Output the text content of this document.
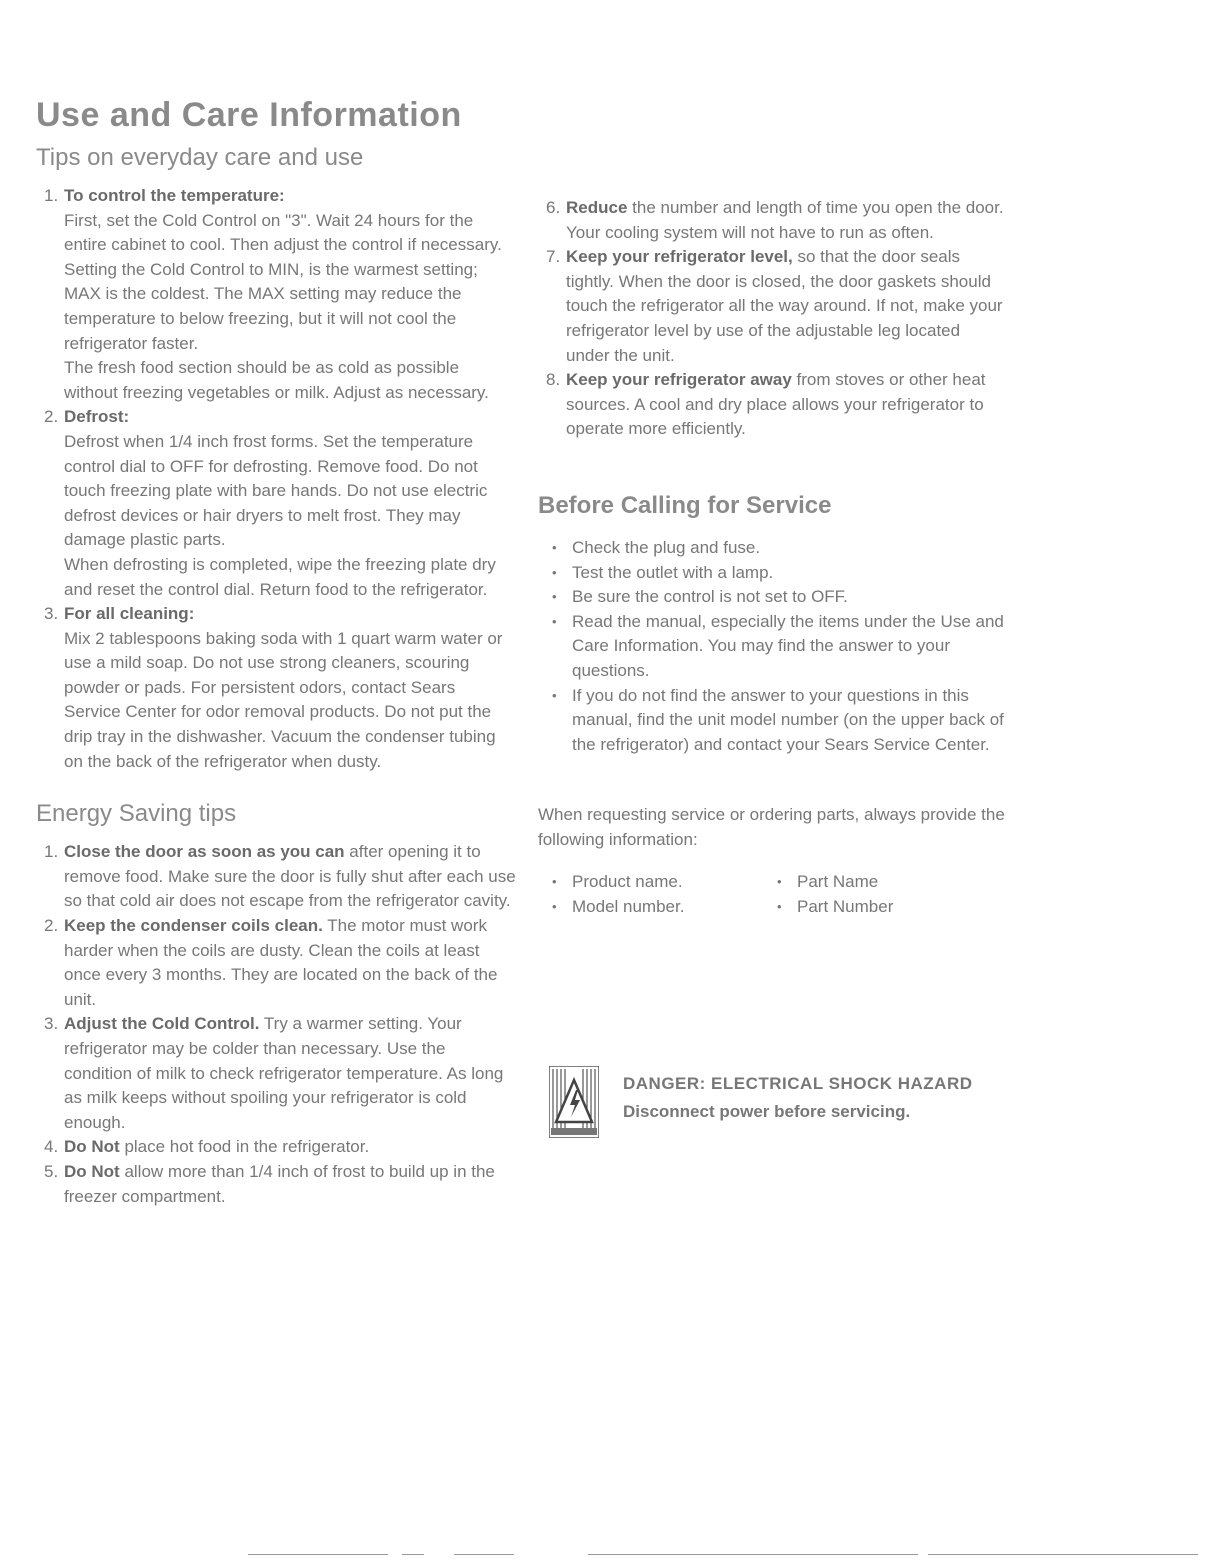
Use and Care Information
Tips on everyday care and use
1. To control the temperature:
First, set the Cold Control on "3". Wait 24 hours for the entire cabinet to cool. Then adjust the control if necessary. Setting the Cold Control to MIN, is the warmest setting; MAX is the coldest. The MAX setting may reduce the temperature to below freezing, but it will not cool the refrigerator faster.
The fresh food section should be as cold as possible without freezing vegetables or milk. Adjust as necessary.
2. Defrost:
Defrost when 1/4 inch frost forms. Set the temperature control dial to OFF for defrosting. Remove food. Do not touch freezing plate with bare hands. Do not use electric defrost devices or hair dryers to melt frost. They may damage plastic parts.
When defrosting is completed, wipe the freezing plate dry and reset the control dial. Return food to the refrigerator.
3. For all cleaning:
Mix 2 tablespoons baking soda with 1 quart warm water or use a mild soap. Do not use strong cleaners, scouring powder or pads. For persistent odors, contact Sears Service Center for odor removal products. Do not put the drip tray in the dishwasher. Vacuum the condenser tubing on the back of the refrigerator when dusty.
Energy Saving tips
1. Close the door as soon as you can after opening it to remove food. Make sure the door is fully shut after each use so that cold air does not escape from the refrigerator cavity.
2. Keep the condenser coils clean. The motor must work harder when the coils are dusty. Clean the coils at least once every 3 months. They are located on the back of the unit.
3. Adjust the Cold Control. Try a warmer setting. Your refrigerator may be colder than necessary. Use the condition of milk to check refrigerator temperature. As long as milk keeps without spoiling your refrigerator is cold enough.
4. Do Not place hot food in the refrigerator.
5. Do Not allow more than 1/4 inch of frost to build up in the freezer compartment.
6. Reduce the number and length of time you open the door. Your cooling system will not have to run as often.
7. Keep your refrigerator level, so that the door seals tightly. When the door is closed, the door gaskets should touch the refrigerator all the way around. If not, make your refrigerator level by use of the adjustable leg located under the unit.
8. Keep your refrigerator away from stoves or other heat sources. A cool and dry place allows your refrigerator to operate more efficiently.
Before Calling for Service
• Check the plug and fuse.
• Test the outlet with a lamp.
• Be sure the control is not set to OFF.
• Read the manual, especially the items under the Use and Care Information. You may find the answer to your questions.
• If you do not find the answer to your questions in this manual, find the unit model number (on the upper back of the refrigerator) and contact your Sears Service Center.

When requesting service or ordering parts, always provide the following information:

• Product name.
• Model number.
• Part Name
• Part Number
DANGER: ELECTRICAL SHOCK HAZARD
Disconnect power before servicing.
